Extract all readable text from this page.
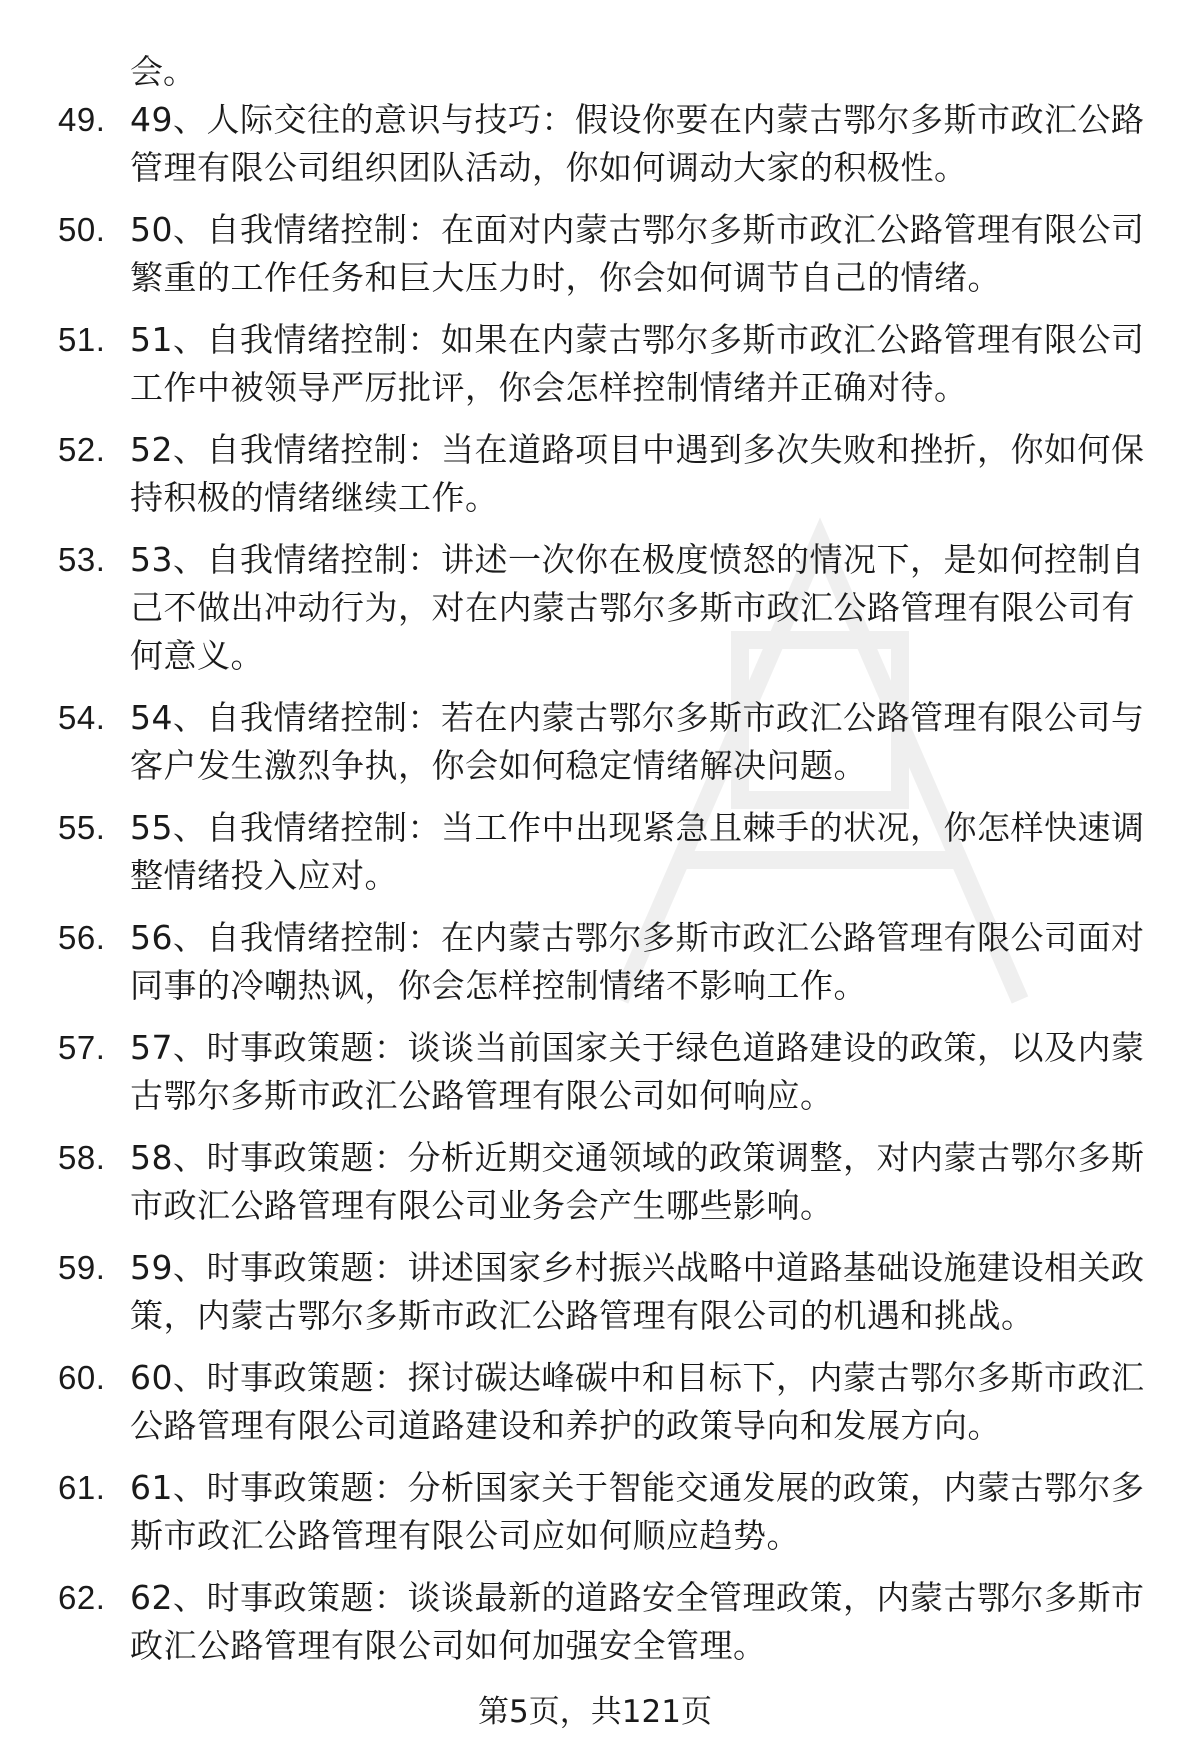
会。
49. 49、人际交往的意识与技巧：假设你要在内蒙古鄂尔多斯市政汇公路管理有限公司组织团队活动，你如何调动大家的积极性。
50. 50、自我情绪控制：在面对内蒙古鄂尔多斯市政汇公路管理有限公司繁重的工作任务和巨大压力时，你会如何调节自己的情绪。
51. 51、自我情绪控制：如果在内蒙古鄂尔多斯市政汇公路管理有限公司工作中被领导严厉批评，你会怎样控制情绪并正确对待。
52. 52、自我情绪控制：当在道路项目中遇到多次失败和挫折，你如何保持积极的情绪继续工作。
53. 53、自我情绪控制：讲述一次你在极度愤怒的情况下，是如何控制自己不做出冲动行为，对在内蒙古鄂尔多斯市政汇公路管理有限公司有何意义。
54. 54、自我情绪控制：若在内蒙古鄂尔多斯市政汇公路管理有限公司与客户发生激烈争执，你会如何稳定情绪解决问题。
55. 55、自我情绪控制：当工作中出现紧急且棘手的状况，你怎样快速调整情绪投入应对。
56. 56、自我情绪控制：在内蒙古鄂尔多斯市政汇公路管理有限公司面对同事的冷嘲热讽，你会怎样控制情绪不影响工作。
57. 57、时事政策题：谈谈当前国家关于绿色道路建设的政策，以及内蒙古鄂尔多斯市政汇公路管理有限公司如何响应。
58. 58、时事政策题：分析近期交通领域的政策调整，对内蒙古鄂尔多斯市政汇公路管理有限公司业务会产生哪些影响。
59. 59、时事政策题：讲述国家乡村振兴战略中道路基础设施建设相关政策，内蒙古鄂尔多斯市政汇公路管理有限公司的机遇和挑战。
60. 60、时事政策题：探讨碳达峰碳中和目标下，内蒙古鄂尔多斯市政汇公路管理有限公司道路建设和养护的政策导向和发展方向。
61. 61、时事政策题：分析国家关于智能交通发展的政策，内蒙古鄂尔多斯市政汇公路管理有限公司应如何顺应趋势。
62. 62、时事政策题：谈谈最新的道路安全管理政策，内蒙古鄂尔多斯市政汇公路管理有限公司如何加强安全管理。
第5页，共121页
